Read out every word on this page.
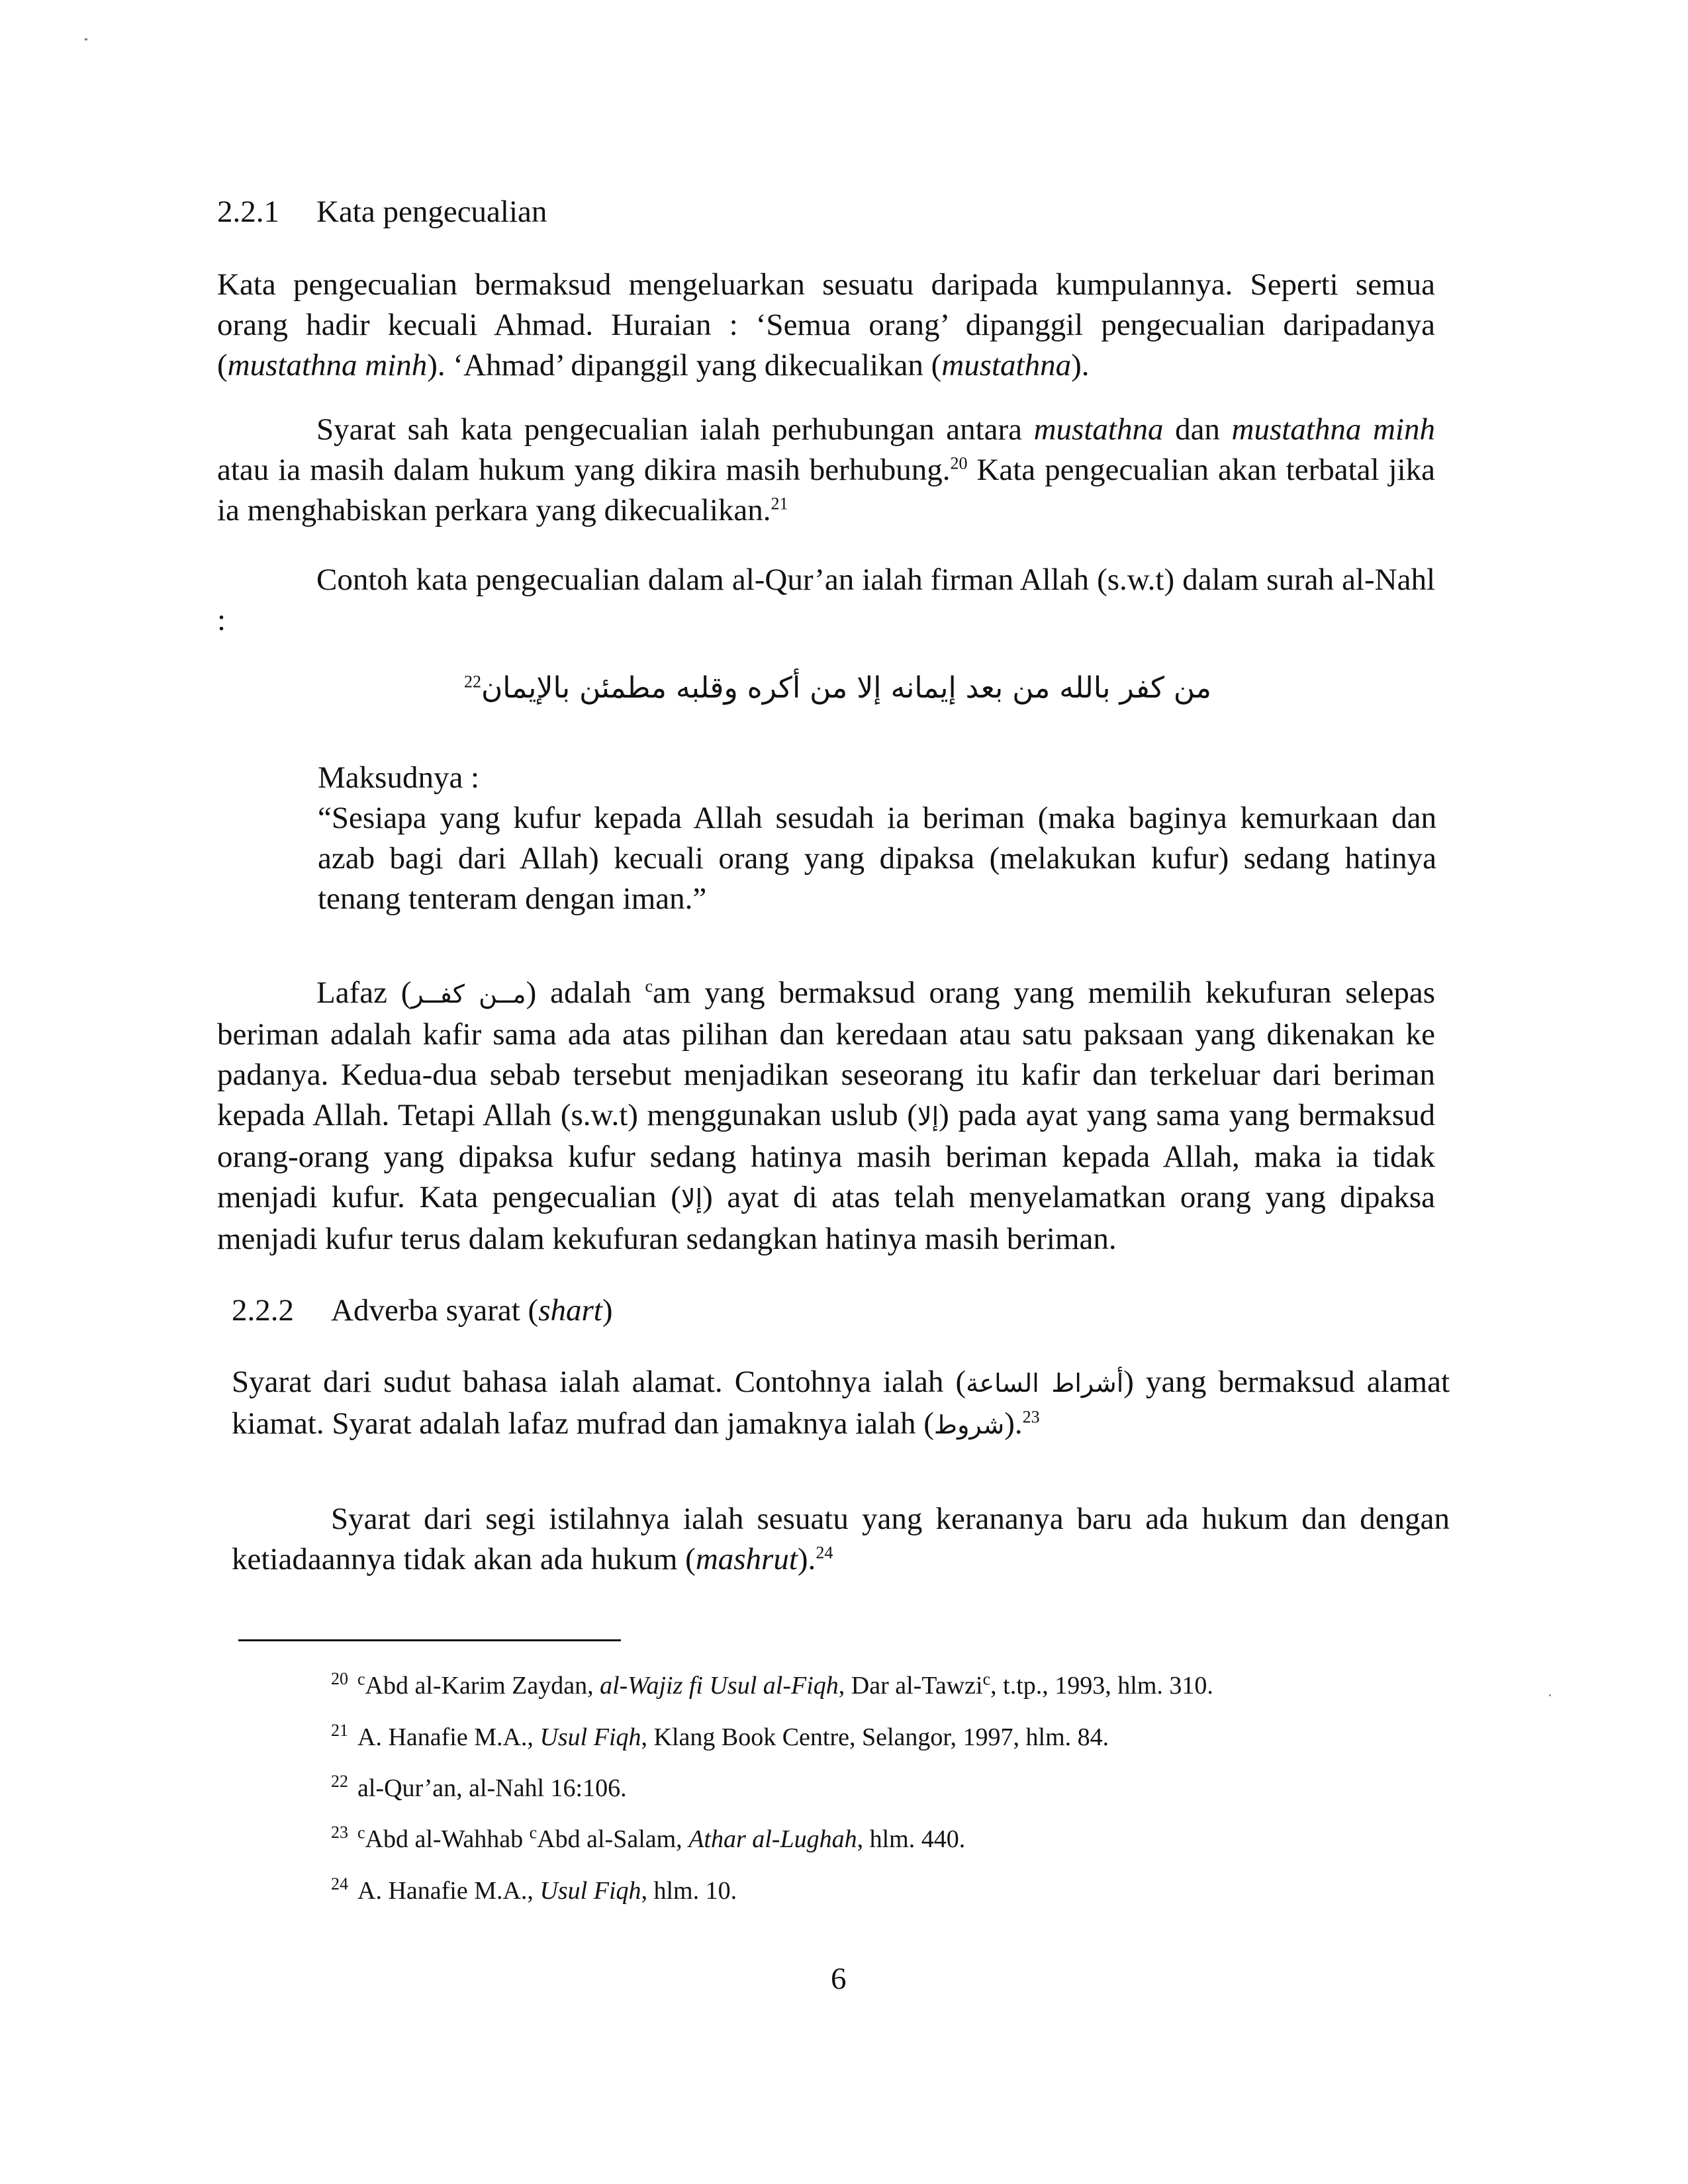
2.2.1 Kata pengecualian

Kata pengecualian bermaksud mengeluarkan sesuatu daripada kumpulannya. Seperti semua orang hadir kecuali Ahmad. Huraian : ‘Semua orang’ dipanggil pengecualian daripadanya (mustathna minh). ‘Ahmad’ dipanggil yang dikecualikan (mustathna).

Syarat sah kata pengecualian ialah perhubungan antara mustathna dan mustathna minh atau ia masih dalam hukum yang dikira masih berhubung.$^{20}$ Kata pengecualian akan terbatal jika ia menghabiskan perkara yang dikecualikan.$^{21}$

Contoh kata pengecualian dalam al-Qur’an ialah firman Allah (s.w.t) dalam surah al-Nahl :

من كفر بالله من بعد إيمانه إلا من أكره وقلبه مطمئن بالإيمان$^{22}$
Maksudnya :

“Sesiapa yang kufur kepada Allah sesudah ia beriman (maka baginya kemurkaan dan azab bagi dari Allah) kecuali orang yang dipaksa (melakukan kufur) sedang hatinya tenang tenteram dengan iman.”

Lafaz (مــن كفــر) adalah $^c$am yang bermaksud orang yang memilih kekufuran selepas beriman adalah kafir sama ada atas pilihan dan keredaan atau satu paksaan yang dikenakan ke padanya. Kedua-dua sebab tersebut menjadikan seseorang itu kafir dan terkeluar dari beriman kepada Allah. Tetapi Allah (s.w.t) menggunakan uslub (إلا) pada ayat yang sama yang bermaksud orang-orang yang dipaksa kufur sedang hatinya masih beriman kepada Allah, maka ia tidak menjadi kufur. Kata pengecualian (إلا) ayat di atas telah menyelamatkan orang yang dipaksa menjadi kufur terus dalam kekufuran sedangkan hatinya masih beriman.

2.2.2 Adverba syarat (shart)

Syarat dari sudut bahasa ialah alamat. Contohnya ialah (أشراط الساعة) yang bermaksud alamat kiamat. Syarat adalah lafaz mufrad dan jamaknya ialah (شروط).$^{23}$

Syarat dari segi istilahnya ialah sesuatu yang kerananya baru ada hukum dan dengan ketiadaannya tidak akan ada hukum (mashrut).$^{24}$

$^{20}$ $^c$Abd al-Karim Zaydan, al-Wajiz fi Usul al-Fiqh, Dar al-Tawzi$^c$, t.tp., 1993, hlm. 310.
$^{21}$ A. Hanafie M.A., Usul Fiqh, Klang Book Centre, Selangor, 1997, hlm. 84.
$^{22}$ al-Qur’an, al-Nahl 16:106.
$^{23}$ $^c$Abd al-Wahhab $^c$Abd al-Salam, Athar al-Lughah, hlm. 440.
$^{24}$ A. Hanafie M.A., Usul Fiqh, hlm. 10.
6
